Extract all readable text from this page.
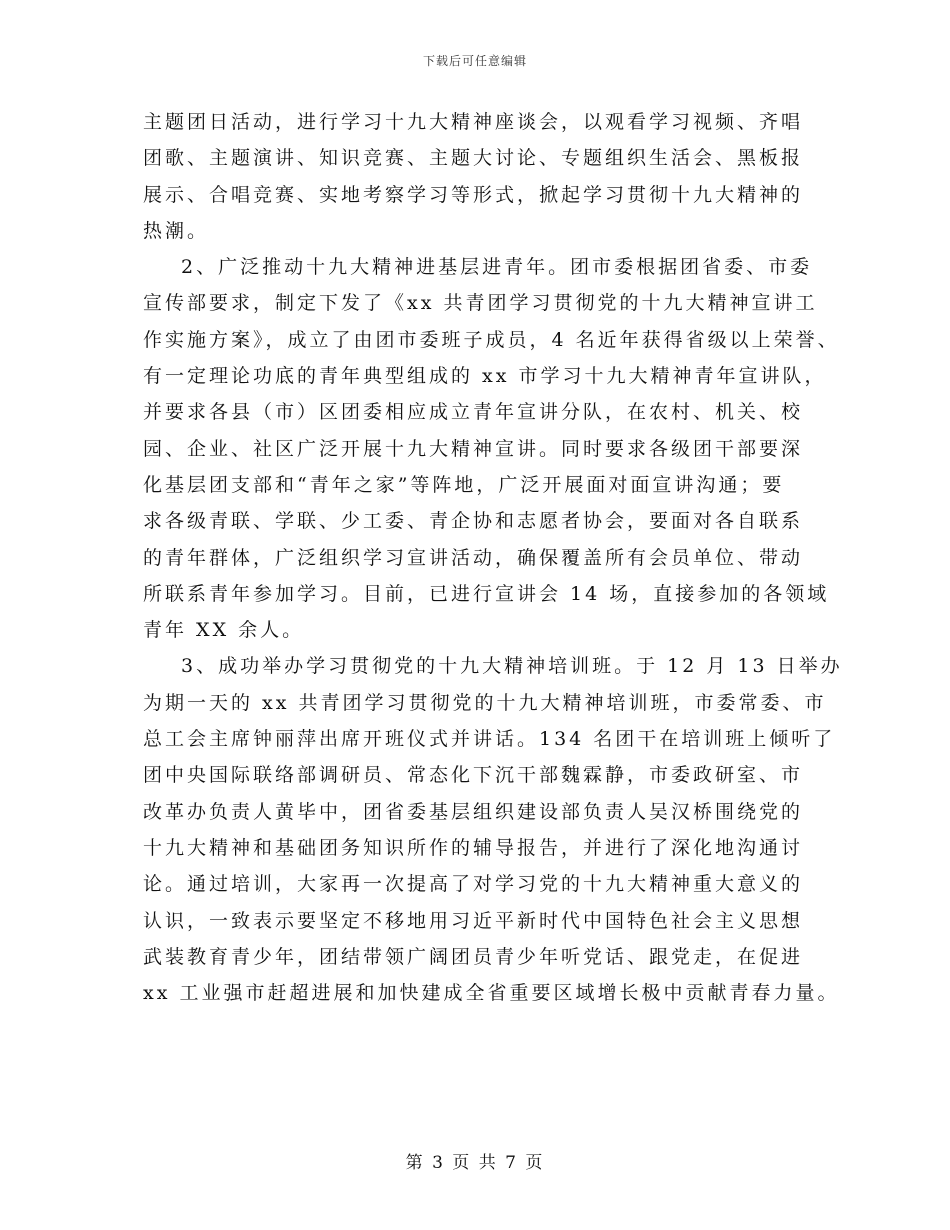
下载后可任意编辑
主题团日活动，进行学习十九大精神座谈会，以观看学习视频、齐唱
团歌、主题演讲、知识竞赛、主题大讨论、专题组织生活会、黑板报
展示、合唱竞赛、实地考察学习等形式，掀起学习贯彻十九大精神的
热潮。
2、广泛推动十九大精神进基层进青年。团市委根据团省委、市委
宣传部要求，制定下发了《xx 共青团学习贯彻党的十九大精神宣讲工
作实施方案》，成立了由团市委班子成员，4 名近年获得省级以上荣誉、
有一定理论功底的青年典型组成的 xx 市学习十九大精神青年宣讲队，
并要求各县（市）区团委相应成立青年宣讲分队，在农村、机关、校
园、企业、社区广泛开展十九大精神宣讲。同时要求各级团干部要深
化基层团支部和“青年之家”等阵地，广泛开展面对面宣讲沟通；要
求各级青联、学联、少工委、青企协和志愿者协会，要面对各自联系
的青年群体，广泛组织学习宣讲活动，确保覆盖所有会员单位、带动
所联系青年参加学习。目前，已进行宣讲会 14 场，直接参加的各领域
青年 XX 余人。
3、成功举办学习贯彻党的十九大精神培训班。于 12 月 13 日举办
为期一天的 xx 共青团学习贯彻党的十九大精神培训班，市委常委、市
总工会主席钟丽萍出席开班仪式并讲话。134 名团干在培训班上倾听了
团中央国际联络部调研员、常态化下沉干部魏霖静，市委政研室、市
改革办负责人黄毕中，团省委基层组织建设部负责人吴汉桥围绕党的
十九大精神和基础团务知识所作的辅导报告，并进行了深化地沟通讨
论。通过培训，大家再一次提高了对学习党的十九大精神重大意义的
认识，一致表示要坚定不移地用习近平新时代中国特色社会主义思想
武装教育青少年，团结带领广阔团员青少年听党话、跟党走，在促进
xx 工业强市赶超进展和加快建成全省重要区域增长极中贡献青春力量。
第 3 页 共 7 页
